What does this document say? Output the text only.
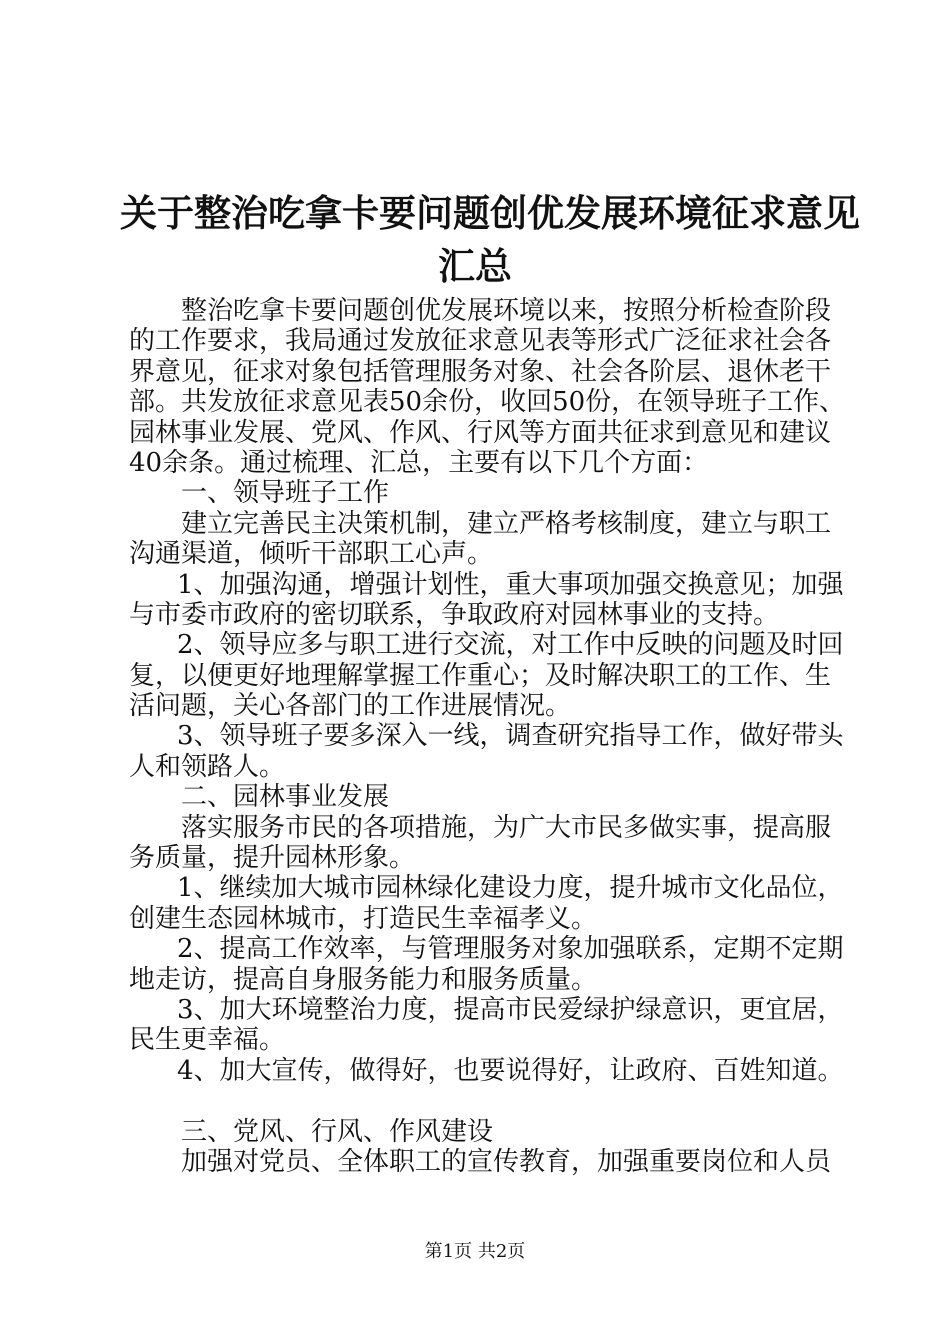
关于整治吃拿卡要问题创优发展环境征求意见
汇总

整治吃拿卡要问题创优发展环境以来，按照分析检查阶段

的工作要求，我局通过发放征求意见表等形式广泛征求社会各

界意见，征求对象包括管理服务对象、社会各阶层、退休老干

部。共发放征求意见表50余份，收回50份，在领导班子工作、

园林事业发展、党风、作风、行风等方面共征求到意见和建议

40余条。通过梳理、汇总，主要有以下几个方面：

一、领导班子工作

建立完善民主决策机制，建立严格考核制度，建立与职工

沟通渠道，倾听干部职工心声。

1、加强沟通，增强计划性，重大事项加强交换意见；加强

与市委市政府的密切联系，争取政府对园林事业的支持。

2、领导应多与职工进行交流，对工作中反映的问题及时回

复，以便更好地理解掌握工作重心；及时解决职工的工作、生

活问题，关心各部门的工作进展情况。

3、领导班子要多深入一线，调查研究指导工作，做好带头

人和领路人。

二、园林事业发展

落实服务市民的各项措施，为广大市民多做实事，提高服

务质量，提升园林形象。

1、继续加大城市园林绿化建设力度，提升城市文化品位，

创建生态园林城市，打造民生幸福孝义。

2、提高工作效率，与管理服务对象加强联系，定期不定期

地走访，提高自身服务能力和服务质量。

3、加大环境整治力度，提高市民爱绿护绿意识，更宜居，

民生更幸福。

4、加大宣传，做得好，也要说得好，让政府、百姓知道。

三、党风、行风、作风建设

加强对党员、全体职工的宣传教育，加强重要岗位和人员

第1页 共2页
